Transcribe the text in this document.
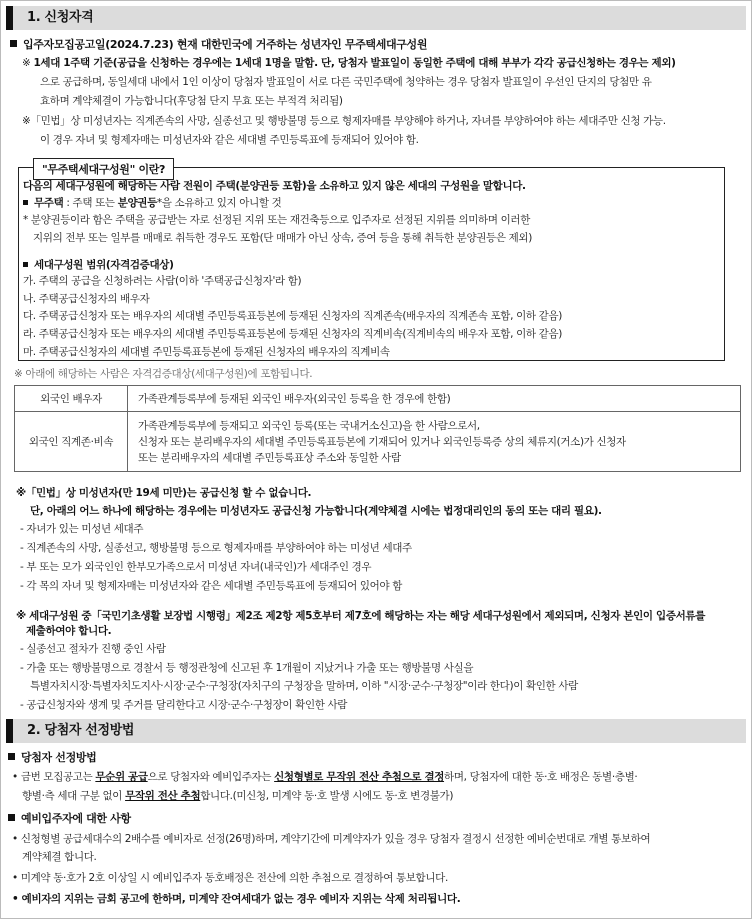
1. 신청자격
입주자모집공고일(2024.7.23) 현재 대한민국에 거주하는 성년자인 무주택세대구성원
※ 1세대 1주택 기준(공급을 신청하는 경우에는 1세대 1명을 말함. 단, 당첨자 발표일이 동일한 주택에 대해 부부가 각각 공급신청하는 경우는 제외)
으로 공급하며, 동일세대 내에서 1인 이상이 당첨자 발표일이 서로 다른 국민주택에 청약하는 경우 당첨자 발표일이 우선인 단지의 당첨만 유
효하며 계약체결이 가능합니다(후당첨 단지 무효 또는 부적격 처리됨)
※「민법」상 미성년자는 직계존속의 사망, 실종선고 및 행방불명 등으로 형제자매를 부양해야 하거나, 자녀를 부양하여야 하는 세대주만 신청 가능.
이 경우 자녀 및 형제자매는 미성년자와 같은 세대별 주민등록표에 등재되어 있어야 함.
"무주택세대구성원" 이란?
다음의 세대구성원에 해당하는 사람 전원이 주택(분양권등 포함)을 소유하고 있지 않은 세대의 구성원을 말합니다.
무주택 : 주택 또는 분양권등*을 소유하고 있지 아니할 것
* 분양권등이라 함은 주택을 공급받는 자로 선정된 지위 또는 재건축등으로 입주자로 선정된 지위를 의미하며 이러한
지위의 전부 또는 일부를 매매로 취득한 경우도 포함(단 매매가 아닌 상속, 증여 등을 통해 취득한 분양권등은 제외)
세대구성원 범위(자격검증대상)
가. 주택의 공급을 신청하려는 사람(이하 '주택공급신청자'라 함)
나. 주택공급신청자의 배우자
다. 주택공급신청자 또는 배우자의 세대별 주민등록표등본에 등재된 신청자의 직계존속(배우자의 직계존속 포함, 이하 같음)
라. 주택공급신청자 또는 배우자의 세대별 주민등록표등본에 등재된 신청자의 직계비속(직계비속의 배우자 포함, 이하 같음)
마. 주택공급신청자의 세대별 주민등록표등본에 등재된 신청자의 배우자의 직계비속
※ 아래에 해당하는 사람은 자격검증대상(세대구성원)에 포함됩니다.
외국인 배우자	가족관계등록부에 등재된 외국인 배우자(외국인 등록을 한 경우에 한함)

외국인 직계존·비속	가족관계등록부에 등재되고 외국인 등록(또는 국내거소신고)을 한 사람으로서,
신청자 또는 분리배우자의 세대별 주민등록표등본에 기재되어 있거나 외국인등록증 상의 체류지(거소)가 신청자
또는 분리배우자의 세대별 주민등록표상 주소와 동일한 사람
※「민법」상 미성년자(만 19세 미만)는 공급신청 할 수 없습니다.
단, 아래의 어느 하나에 해당하는 경우에는 미성년자도 공급신청 가능합니다(계약체결 시에는 법정대리인의 동의 또는 대리 필요).
- 자녀가 있는 미성년 세대주
- 직계존속의 사망, 실종선고, 행방불명 등으로 형제자매를 부양하여야 하는 미성년 세대주
- 부 또는 모가 외국인인 한부모가족으로서 미성년 자녀(내국인)가 세대주인 경우
- 각 목의 자녀 및 형제자매는 미성년자와 같은 세대별 주민등록표에 등재되어 있어야 함
※ 세대구성원 중「국민기초생활 보장법 시행령」제2조 제2항 제5호부터 제7호에 해당하는 자는 해당 세대구성원에서 제외되며, 신청자 본인이 입증서류를
제출하여야 합니다.
- 실종선고 절차가 진행 중인 사람
- 가출 또는 행방불명으로 경찰서 등 행정관청에 신고된 후 1개월이 지났거나 가출 또는 행방불명 사실을
특별자치시장·특별자치도지사·시장·군수·구청장(자치구의 구청장을 말하며, 이하 "시장·군수·구청장"이라 한다)이 확인한 사람
- 공급신청자와 생계 및 주거를 달리한다고 시장·군수·구청장이 확인한 사람
2. 당첨자 선정방법
당첨자 선정방법
• 금번 모집공고는 무순위 공급으로 당첨자와 예비입주자는 신청형별로 무작위 전산 추첨으로 결정하며, 당첨자에 대한 동·호 배정은 동별·층별·
향별·측 세대 구분 없이 무작위 전산 추첨합니다.(미신청, 미계약 동·호 발생 시에도 동·호 변경불가)
예비입주자에 대한 사항
• 신청형별 공급세대수의 2배수를 예비자로 선정(26명)하며, 계약기간에 미계약자가 있을 경우 당첨자 결정시 선정한 예비순번대로 개별 통보하여
계약체결 합니다.
• 미계약 동·호가 2호 이상일 시 예비입주자 동호배정은 전산에 의한 추첨으로 결정하여 통보합니다.
• 예비자의 지위는 금회 공고에 한하며, 미계약 잔여세대가 없는 경우 예비자 지위는 삭제 처리됩니다.
